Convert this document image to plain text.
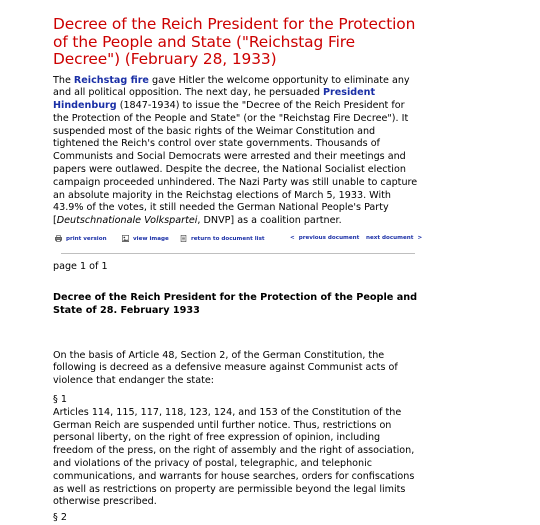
Decree of the Reich President for the Protection of the People and State ("Reichstag Fire Decree") (February 28, 1933)
The Reichstag fire gave Hitler the welcome opportunity to eliminate any and all political opposition. The next day, he persuaded President Hindenburg (1847-1934) to issue the "Decree of the Reich President for the Protection of the People and State" (or the "Reichstag Fire Decree"). It suspended most of the basic rights of the Weimar Constitution and tightened the Reich's control over state governments. Thousands of Communists and Social Democrats were arrested and their meetings and papers were outlawed. Despite the decree, the National Socialist election campaign proceeded unhindered. The Nazi Party was still unable to capture an absolute majority in the Reichstag elections of March 5, 1933. With 43.9% of the votes, it still needed the German National People's Party [Deutschnationale Volkspartei, DNVP] as a coalition partner.
print version	view image	return to document list	< previous document next document >
page 1 of 1
Decree of the Reich President for the Protection of the People and State of 28. February 1933
On the basis of Article 48, Section 2, of the German Constitution, the following is decreed as a defensive measure against Communist acts of violence that endanger the state:
§ 1
Articles 114, 115, 117, 118, 123, 124, and 153 of the Constitution of the German Reich are suspended until further notice. Thus, restrictions on personal liberty, on the right of free expression of opinion, including freedom of the press, on the right of assembly and the right of association, and violations of the privacy of postal, telegraphic, and telephonic communications, and warrants for house searches, orders for confiscations as well as restrictions on property are permissible beyond the legal limits otherwise prescribed.
§ 2
